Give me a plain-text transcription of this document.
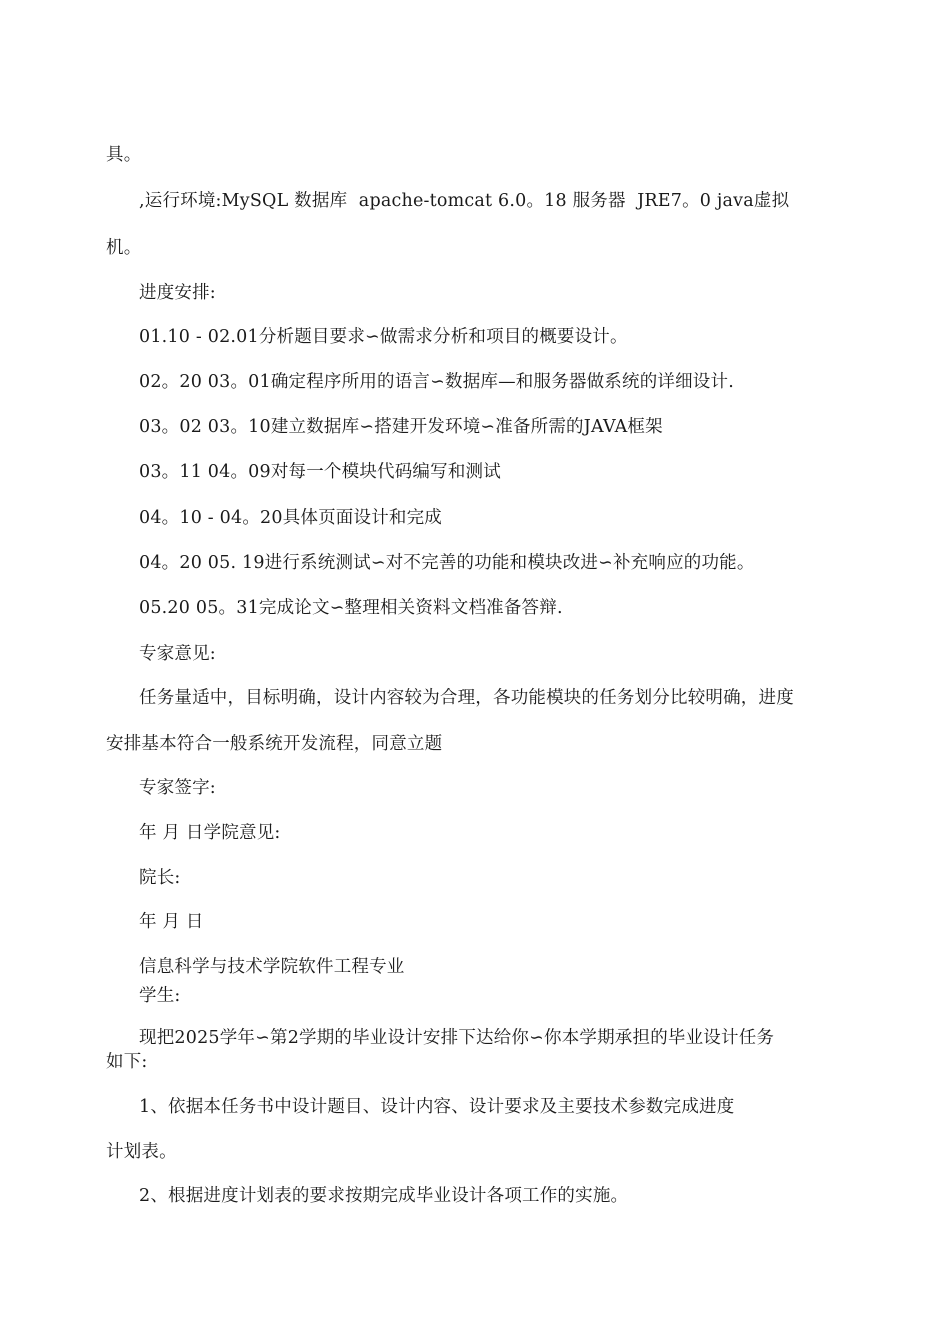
具。
,运行环境:MySQL 数据库  apache-tomcat 6.0。18 服务器  JRE7。0 java虚拟
机。
进度安排:
01.10 - 02.01分析题目要求∽做需求分析和项目的概要设计。
02。20 03。01确定程序所用的语言∽数据库—和服务器做系统的详细设计.
03。02 03。10建立数据库∽搭建开发环境∽准备所需的JAVA框架
03。11 04。09对每一个模块代码编写和测试
04。10 - 04。20具体页面设计和完成
04。20 05. 19进行系统测试∽对不完善的功能和模块改进∽补充响应的功能。
05.20 05。31完成论文∽整理相关资料文档准备答辩.
专家意见:
任务量适中，目标明确，设计内容较为合理，各功能模块的任务划分比较明确，进度
安排基本符合一般系统开发流程，同意立题
专家签字:
年 月 日学院意见:
院长:
年 月 日
信息科学与技术学院软件工程专业
学生:
现把2025学年∽第2学期的毕业设计安排下达给你∽你本学期承担的毕业设计任务
如下:
1、依据本任务书中设计题目、设计内容、设计要求及主要技术参数完成进度
计划表。
2、根据进度计划表的要求按期完成毕业设计各项工作的实施。
